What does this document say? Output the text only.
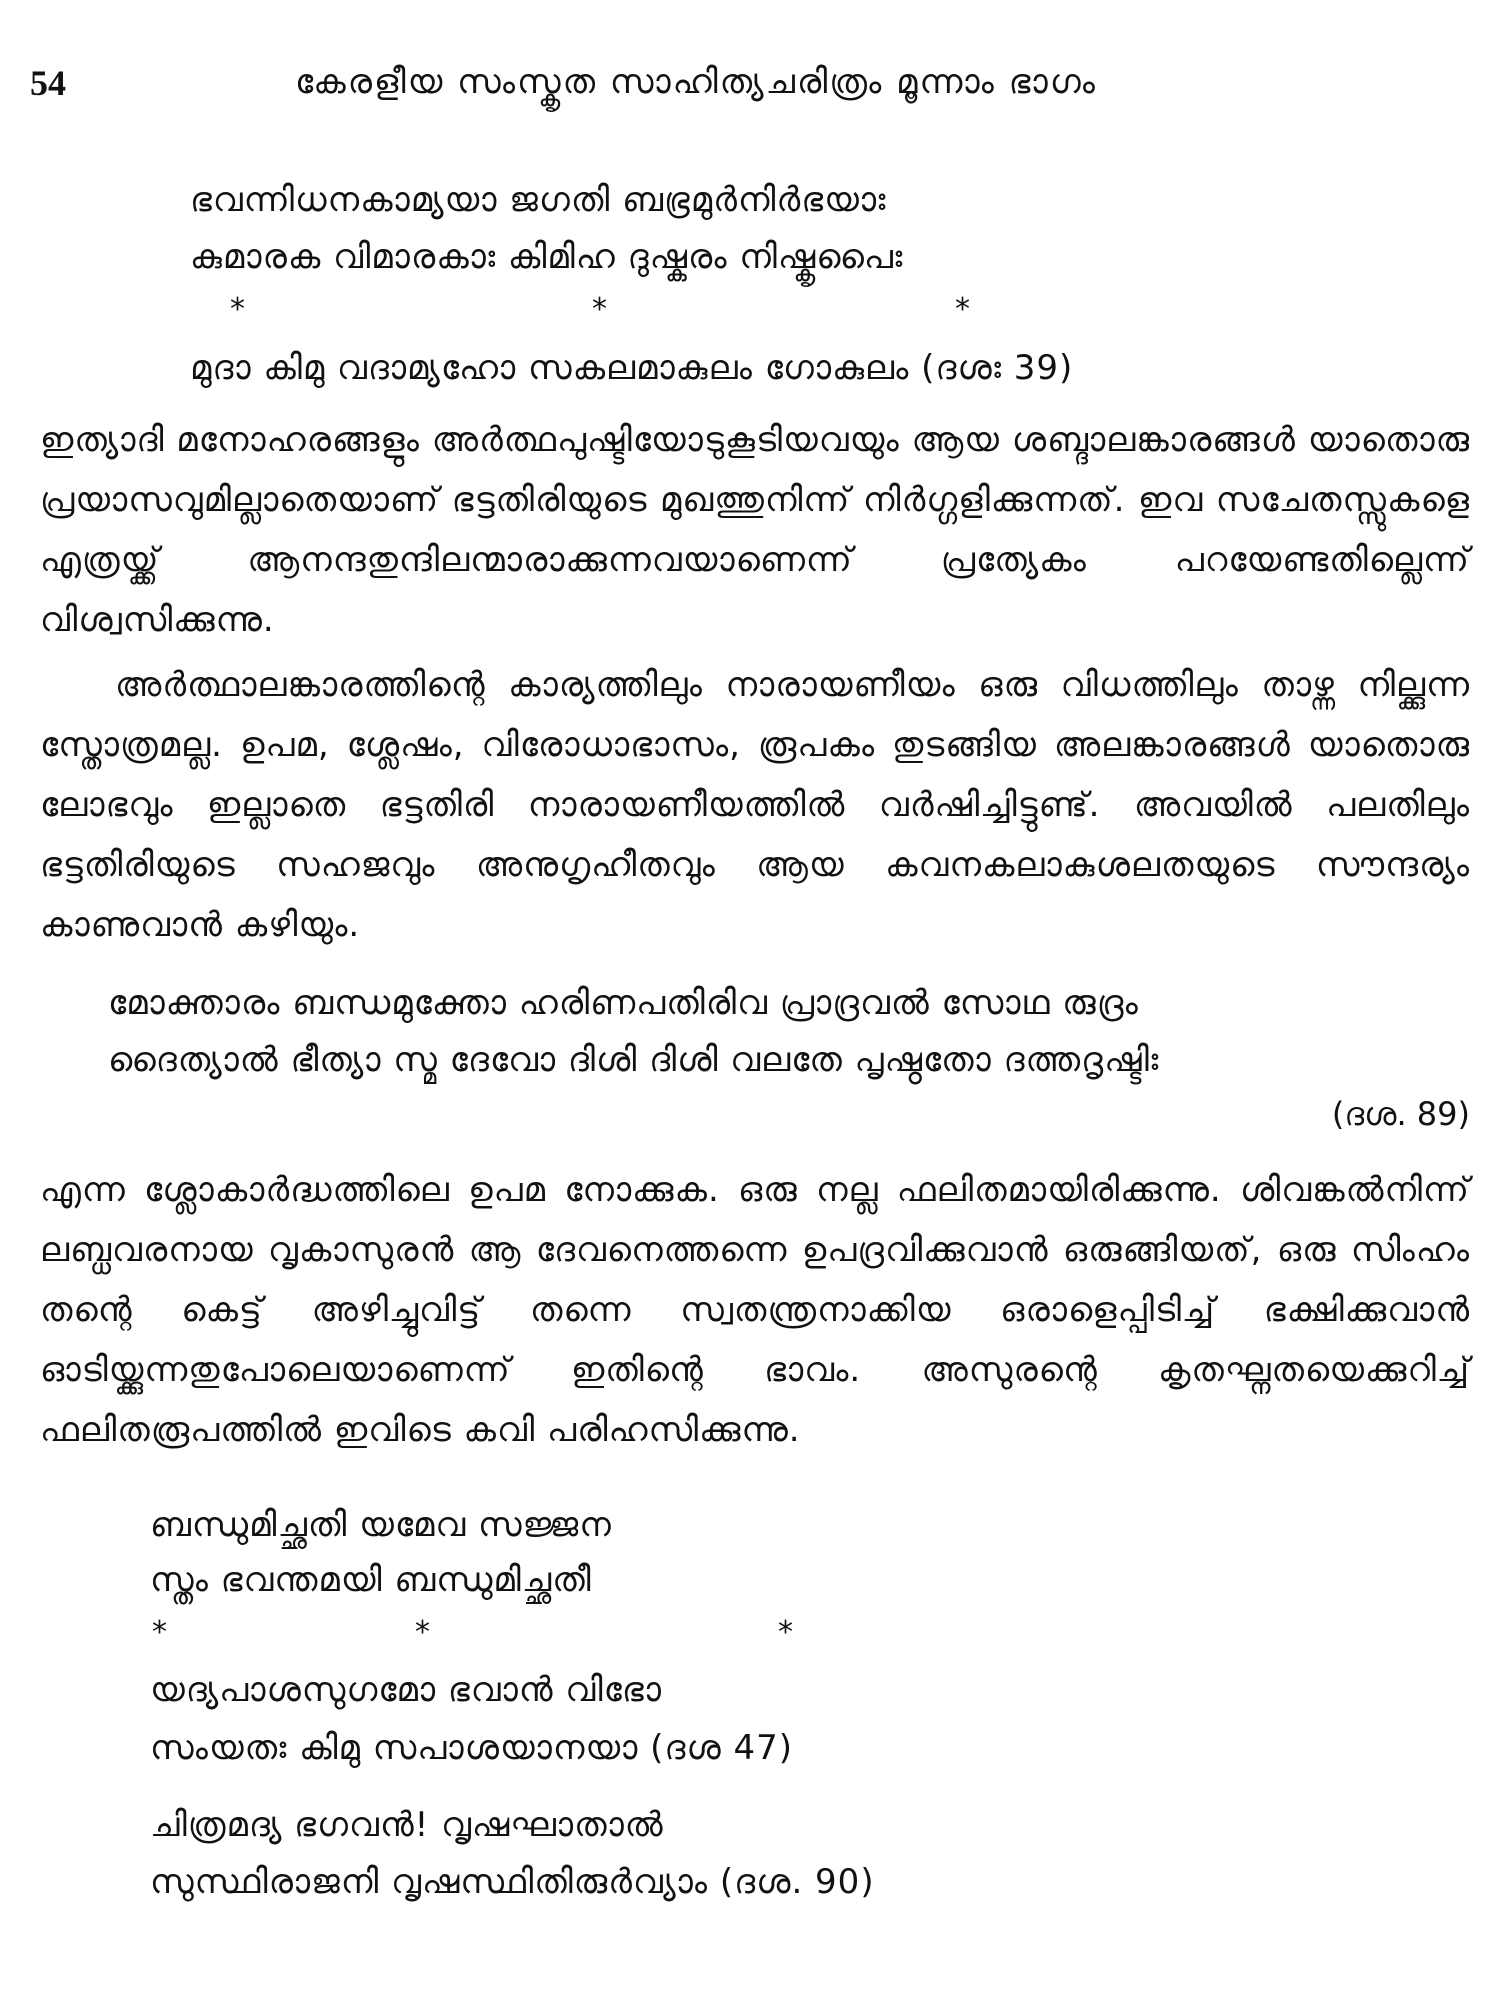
54	കേരളീയ സംസ്കൃത സാഹിത്യചരിത്രം മൂന്നാം ഭാഗം
ഭവന്നിധനകാമ്യയാ ജഗതി ബഭ്രമുർനിർഭയാഃ
കുമാരക വിമാരകാഃ കിമിഹ ദുഷ്കരം നിഷ്കൃപൈഃ
*	*	*
മുദാ കിമു വദാമ്യഹോ സകലമാകുലം ഗോകുലം (ദശഃ 39)

ഇത്യാദി മനോഹരങ്ങളും അർത്ഥപുഷ്ടിയോടുകൂടിയവയും ആയ ശബ്ദാലങ്കാരങ്ങൾ യാതൊരു പ്രയാസവുമില്ലാതെയാണ് ഭട്ടതിരിയുടെ മുഖത്തുനിന്ന് നിർഗ്ഗളിക്കുന്നത്. ഇവ സചേതസ്സുകളെ എത്രയ്ക്ക് ആനന്ദതുന്ദിലന്മാരാക്കുന്നവയാണെന്ന് പ്രത്യേകം പറയേണ്ടതില്ലെന്ന് വിശ്വസിക്കുന്നു.

അർത്ഥാലങ്കാരത്തിന്റെ കാര്യത്തിലും നാരായണീയം ഒരു വിധത്തിലും താഴ്ന്ന നില്ക്കുന്ന സ്തോത്രമല്ല. ഉപമ, ശ്ലേഷം, വിരോധാഭാസം, രൂപകം തുടങ്ങിയ അലങ്കാരങ്ങൾ യാതൊരു ലോഭവും ഇല്ലാതെ ഭട്ടതിരി നാരായണീയത്തിൽ വർഷിച്ചിട്ടുണ്ട്. അവയിൽ പലതിലും ഭട്ടതിരിയുടെ സഹജവും അനുഗൃഹീതവും ആയ കവനകലാകുശലതയുടെ സൗന്ദര്യം കാണുവാൻ കഴിയും.

മോക്താരം ബന്ധമുക്തോ ഹരിണപതിരിവ പ്രാദ്രവൽ സോഥ രുദ്രം
ദൈത്യാൽ ഭീത്യാ സ്മ ദേവോ ദിശി ദിശി വലതേ പൃഷ്ഠതോ ദത്തദൃഷ്ടിഃ
(ദശ. 89)

എന്ന ശ്ലോകാർദ്ധത്തിലെ ഉപമ നോക്കുക. ഒരു നല്ല ഫലിതമായിരിക്കുന്നു. ശിവങ്കൽനിന്ന് ലബ്ധവരനായ വൃകാസുരൻ ആ ദേവനെത്തന്നെ ഉപദ്രവിക്കുവാൻ ഒരുങ്ങിയത്, ഒരു സിംഹം തന്റെ കെട്ട് അഴിച്ചുവിട്ട് തന്നെ സ്വതന്ത്രനാക്കിയ ഒരാളെപ്പിടിച്ച് ഭക്ഷിക്കുവാൻ ഓടിയ്ക്കുന്നതുപോലെയാണെന്ന് ഇതിന്റെ ഭാവം. അസുരന്റെ കൃതഘ്നതയെക്കുറിച്ച് ഫലിതരൂപത്തിൽ ഇവിടെ കവി പരിഹസിക്കുന്നു.

ബന്ധുമിച്ഛതി യമേവ സജ്ജന
സ്തം ഭവന്തമയി ബന്ധുമിച്ഛതീ
*	*	*
യദ്യപാശസുഗമോ ഭവാൻ വിഭോ
സംയതഃ കിമു സപാശയാനയാ (ദശ 47)
ചിത്രമദ്യ ഭഗവൻ! വൃഷഘാതാൽ
സുസ്ഥിരാജനി വൃഷസ്ഥിതിരുർവ്യാം (ദശ. 90)
